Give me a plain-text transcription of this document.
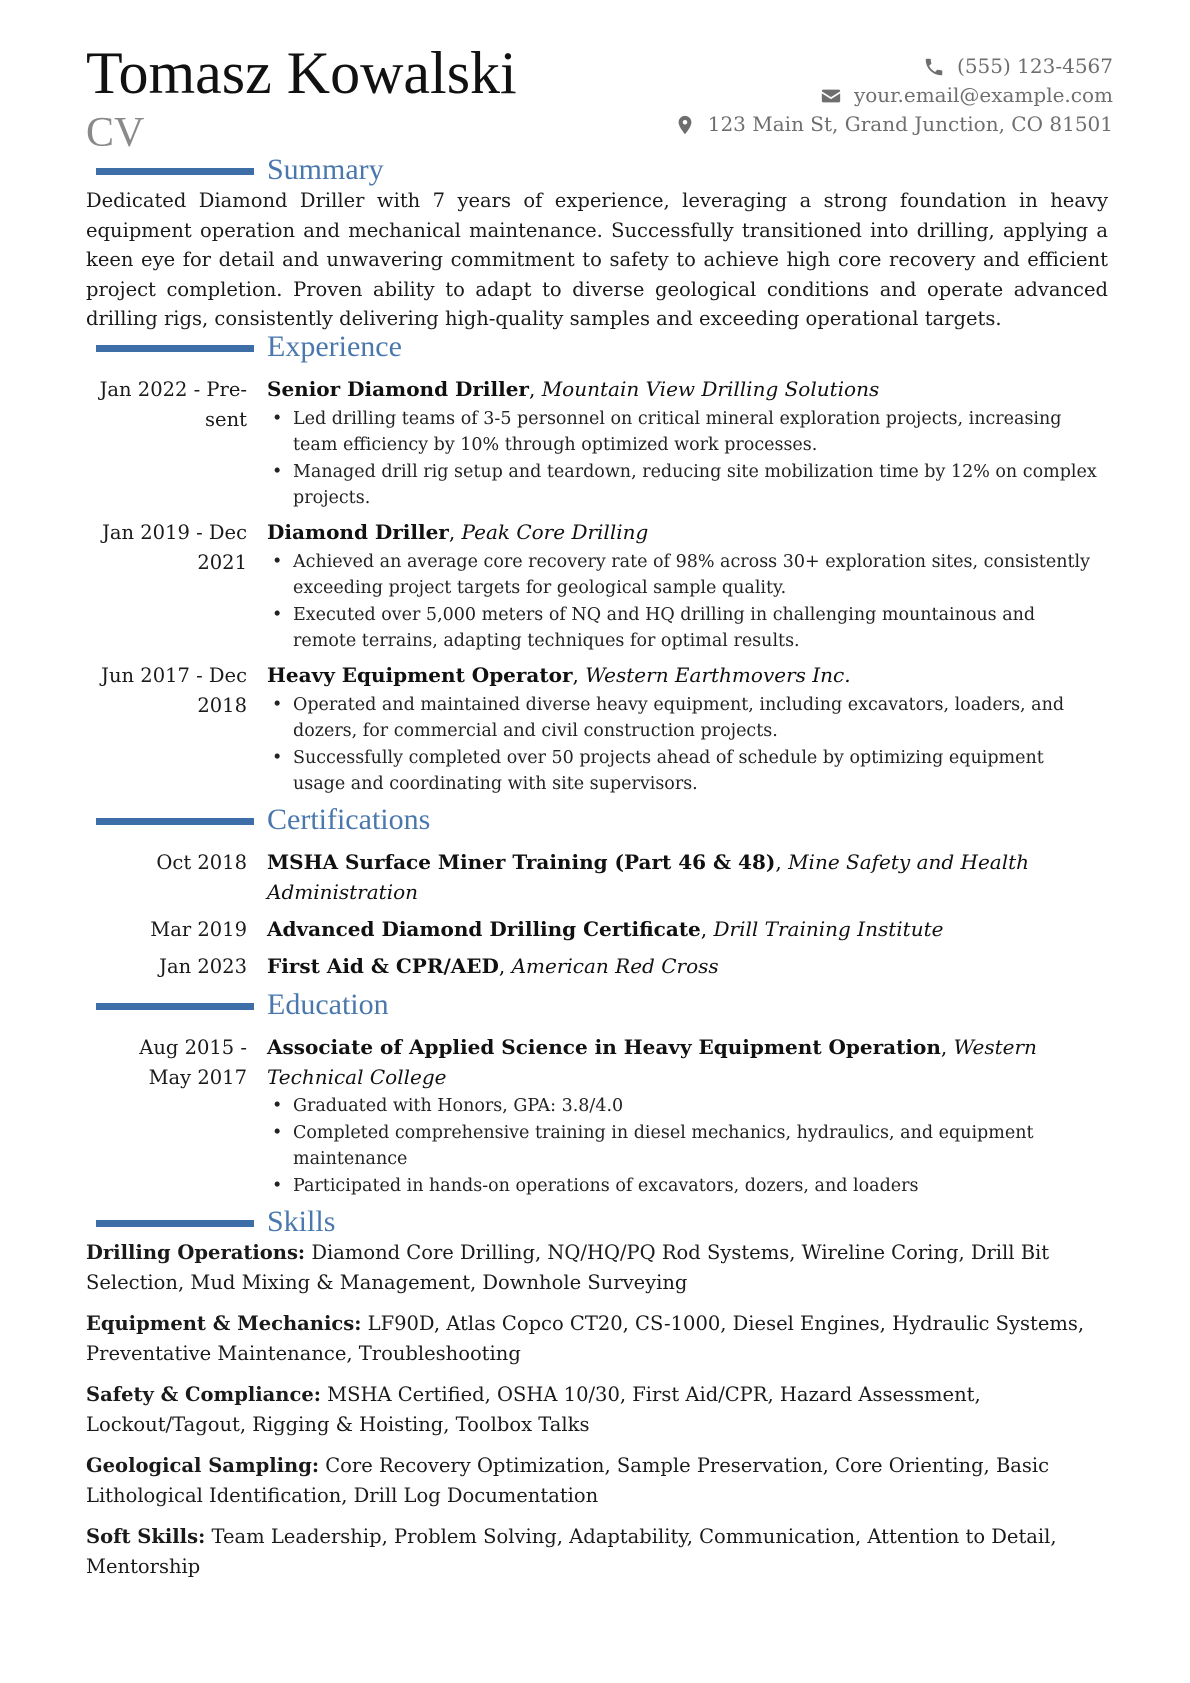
Tomasz Kowalski
CV
(555) 123-4567
your.email@example.com
123 Main St, Grand Junction, CO 81501
Summary

Dedicated Diamond Driller with 7 years of experience, leveraging a strong foundation in heavy equipment operation and mechanical maintenance. Successfully transitioned into drilling, applying a keen eye for detail and unwavering commitment to safety to achieve high core recovery and efficient project completion. Proven ability to adapt to diverse geological conditions and operate advanced drilling rigs, consistently delivering high-quality samples and exceeding operational targets.

Experience
Jan 2022 - Pre-
sent
Senior Diamond Driller, Mountain View Drilling Solutions
• Led drilling teams of 3-5 personnel on critical mineral exploration projects, increasing team efficiency by 10% through optimized work processes.
• Managed drill rig setup and teardown, reducing site mobilization time by 12% on complex projects.
Jan 2019 - Dec
2021
Diamond Driller, Peak Core Drilling
• Achieved an average core recovery rate of 98% across 30+ exploration sites, consistently exceeding project targets for geological sample quality.
• Executed over 5,000 meters of NQ and HQ drilling in challenging mountainous and remote terrains, adapting techniques for optimal results.
Jun 2017 - Dec
2018
Heavy Equipment Operator, Western Earthmovers Inc.
• Operated and maintained diverse heavy equipment, including excavators, loaders, and dozers, for commercial and civil construction projects.
• Successfully completed over 50 projects ahead of schedule by optimizing equipment usage and coordinating with site supervisors.
Certifications
Oct 2018 MSHA Surface Miner Training (Part 46 & 48), Mine Safety and Health Administration
Mar 2019 Advanced Diamond Drilling Certificate, Drill Training Institute
Jan 2023 First Aid & CPR/AED, American Red Cross
Education
Aug 2015 -
May 2017
Associate of Applied Science in Heavy Equipment Operation, Western Technical College
• Graduated with Honors, GPA: 3.8/4.0
• Completed comprehensive training in diesel mechanics, hydraulics, and equipment maintenance
• Participated in hands-on operations of excavators, dozers, and loaders
Skills

Drilling Operations: Diamond Core Drilling, NQ/HQ/PQ Rod Systems, Wireline Coring, Drill Bit Selection, Mud Mixing & Management, Downhole Surveying

Equipment & Mechanics: LF90D, Atlas Copco CT20, CS-1000, Diesel Engines, Hydraulic Systems, Preventative Maintenance, Troubleshooting

Safety & Compliance: MSHA Certified, OSHA 10/30, First Aid/CPR, Hazard Assessment, Lockout/Tagout, Rigging & Hoisting, Toolbox Talks

Geological Sampling: Core Recovery Optimization, Sample Preservation, Core Orienting, Basic Lithological Identification, Drill Log Documentation

Soft Skills: Team Leadership, Problem Solving, Adaptability, Communication, Attention to Detail, Mentorship
